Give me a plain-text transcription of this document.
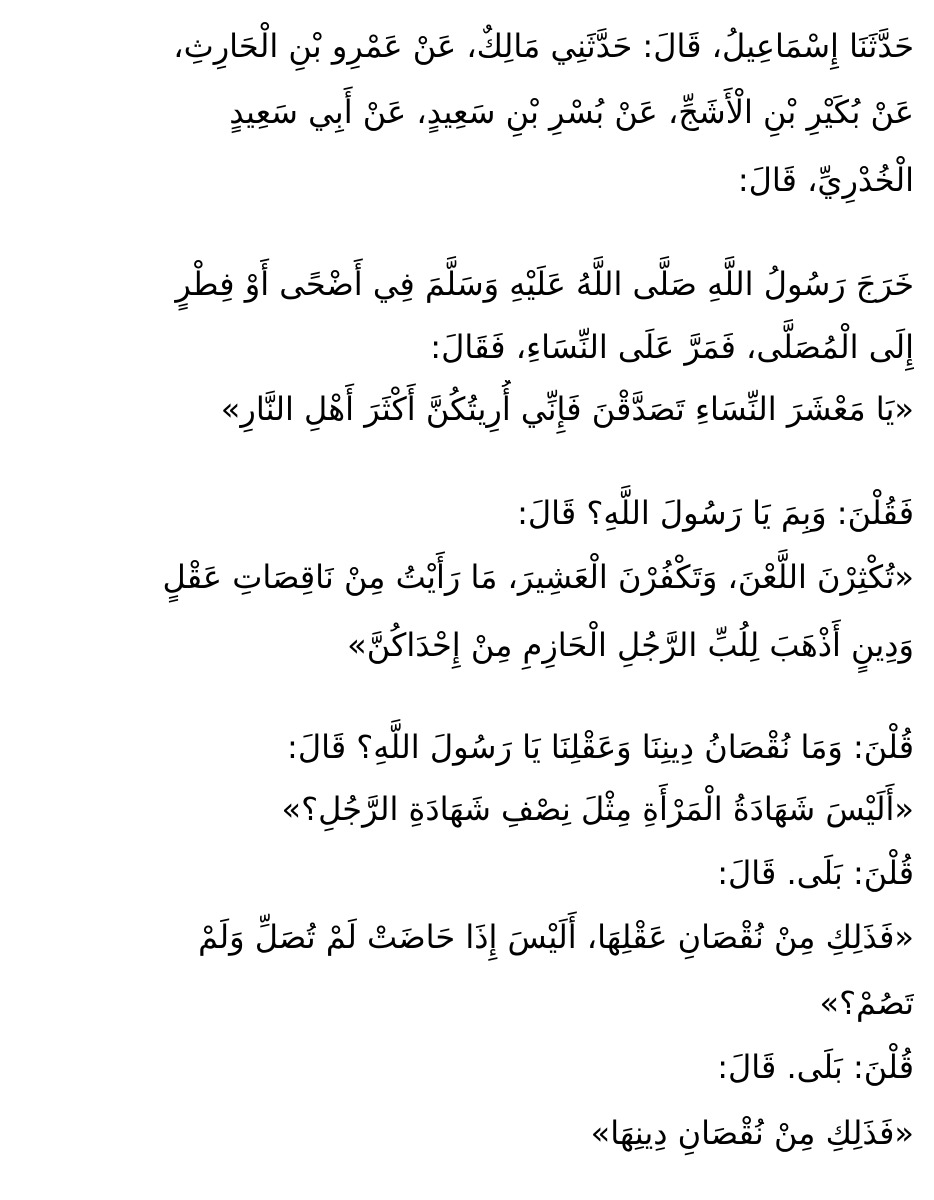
حَدَّثَنَا إِسْمَاعِيلُ، قَالَ: حَدَّثَنِي مَالِكٌ، عَنْ عَمْرِو بْنِ الْحَارِثِ،
عَنْ بُكَيْرِ بْنِ الْأَشَجِّ، عَنْ بُسْرِ بْنِ سَعِيدٍ، عَنْ أَبِي سَعِيدٍ
الْخُدْرِيِّ، قَالَ:
خَرَجَ رَسُولُ اللَّهِ صَلَّى اللَّهُ عَلَيْهِ وَسَلَّمَ فِي أَضْحًى أَوْ فِطْرٍ
إِلَى الْمُصَلَّى، فَمَرَّ عَلَى النِّسَاءِ، فَقَالَ:
«يَا مَعْشَرَ النِّسَاءِ تَصَدَّقْنَ فَإِنِّي أُرِيتُكُنَّ أَكْثَرَ أَهْلِ النَّارِ»
فَقُلْنَ: وَبِمَ يَا رَسُولَ اللَّهِ؟ قَالَ:
«تُكْثِرْنَ اللَّعْنَ، وَتَكْفُرْنَ الْعَشِيرَ، مَا رَأَيْتُ مِنْ نَاقِصَاتِ عَقْلٍ
وَدِينٍ أَذْهَبَ لِلُبِّ الرَّجُلِ الْحَازِمِ مِنْ إِحْدَاكُنَّ»
قُلْنَ: وَمَا نُقْصَانُ دِينِنَا وَعَقْلِنَا يَا رَسُولَ اللَّهِ؟ قَالَ:
«أَلَيْسَ شَهَادَةُ الْمَرْأَةِ مِثْلَ نِصْفِ شَهَادَةِ الرَّجُلِ؟»
قُلْنَ: بَلَى. قَالَ:
«فَذَلِكِ مِنْ نُقْصَانِ عَقْلِهَا، أَلَيْسَ إِذَا حَاضَتْ لَمْ تُصَلِّ وَلَمْ
تَصُمْ؟»
قُلْنَ: بَلَى. قَالَ:
«فَذَلِكِ مِنْ نُقْصَانِ دِينِهَا»
